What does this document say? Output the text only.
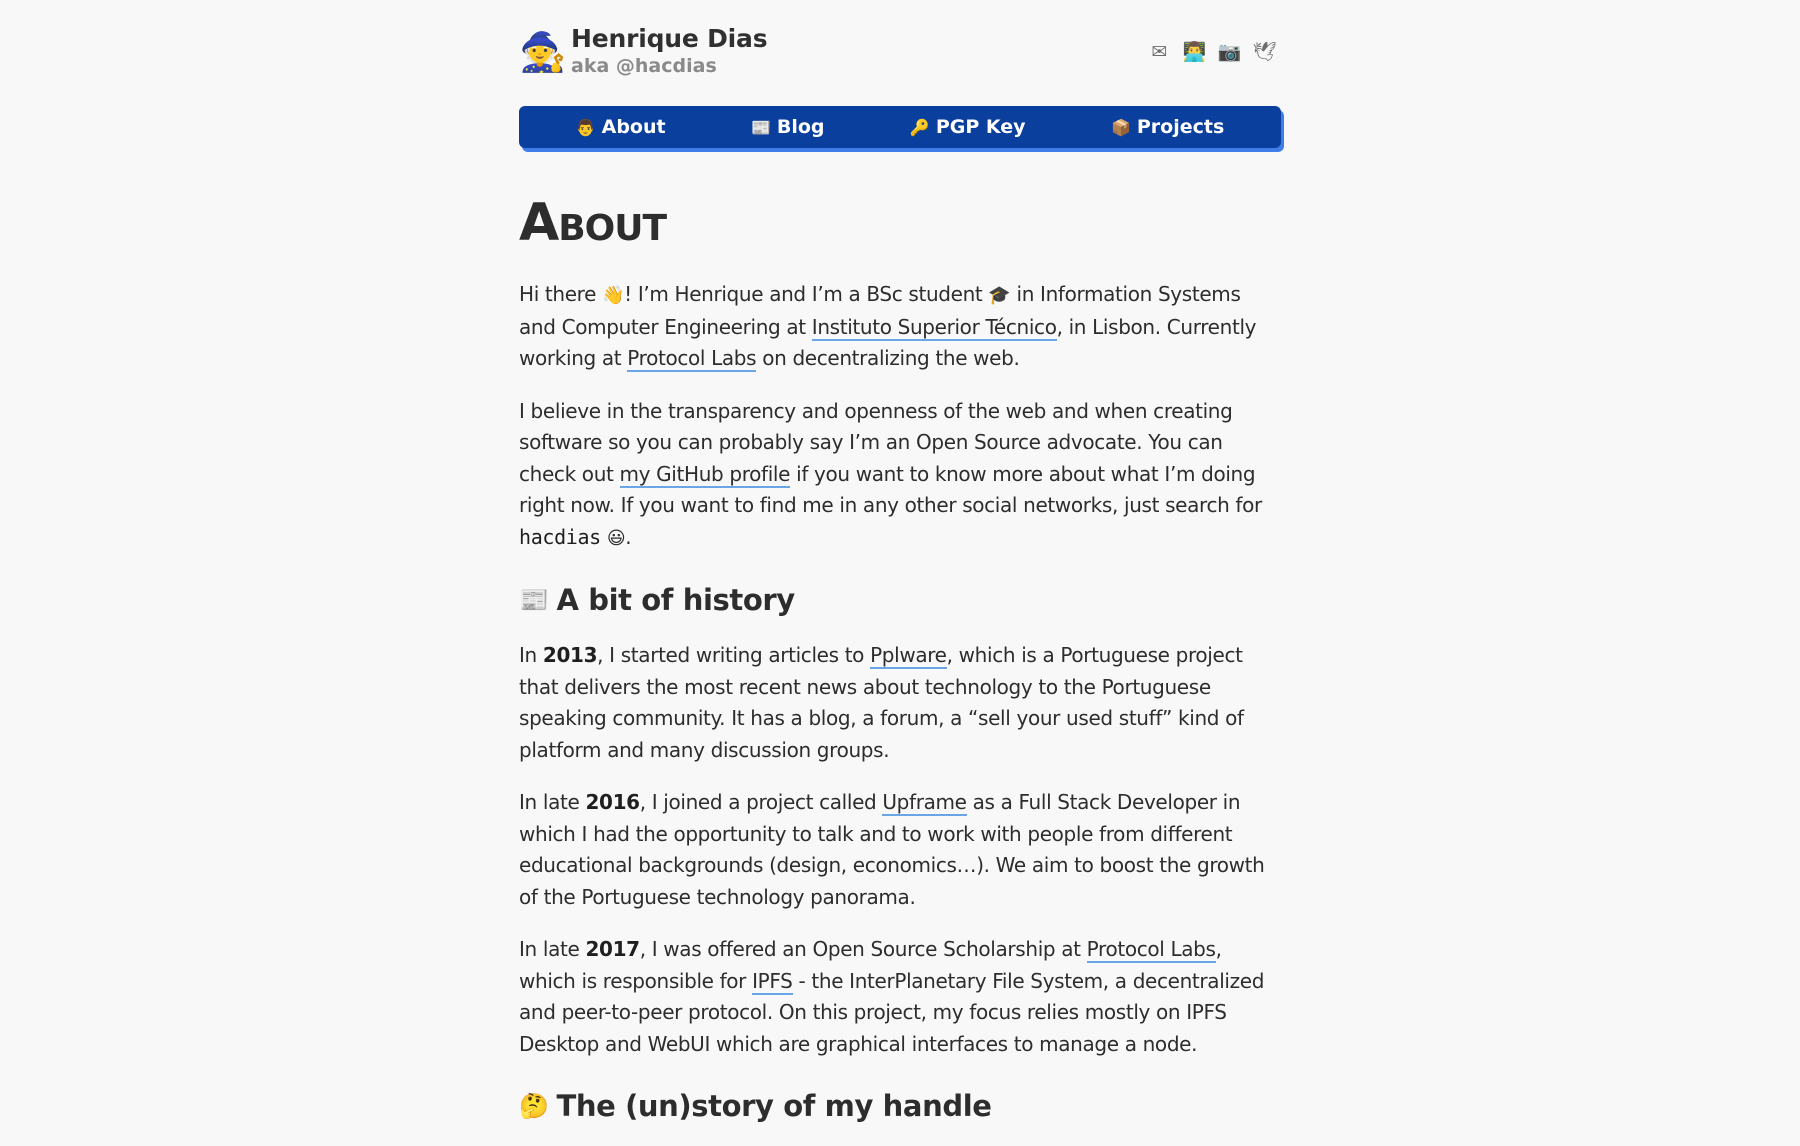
🧙 Henrique Dias
aka @hacdias
✉ 👨‍💻 📷 🕊
👨 About	📰 Blog	🔑 PGP Key	📦 Projects
About

Hi there 👋! I’m Henrique and I’m a BSc student 🎓 in Information Systems and Computer Engineering at Instituto Superior Técnico, in Lisbon. Currently working at Protocol Labs on decentralizing the web.

I believe in the transparency and openness of the web and when creating software so you can probably say I’m an Open Source advocate. You can check out my GitHub profile if you want to know more about what I’m doing right now. If you want to find me in any other social networks, just search for hacdias 😃.

📰 A bit of history

In 2013, I started writing articles to Pplware, which is a Portuguese project that delivers the most recent news about technology to the Portuguese speaking community. It has a blog, a forum, a “sell your used stuff” kind of platform and many discussion groups.

In late 2016, I joined a project called Upframe as a Full Stack Developer in which I had the opportunity to talk and to work with people from different educational backgrounds (design, economics…). We aim to boost the growth of the Portuguese technology panorama.

In late 2017, I was offered an Open Source Scholarship at Protocol Labs, which is responsible for IPFS - the InterPlanetary File System, a decentralized and peer-to-peer protocol. On this project, my focus relies mostly on IPFS Desktop and WebUI which are graphical interfaces to manage a node.

🤔 The (un)story of my handle
